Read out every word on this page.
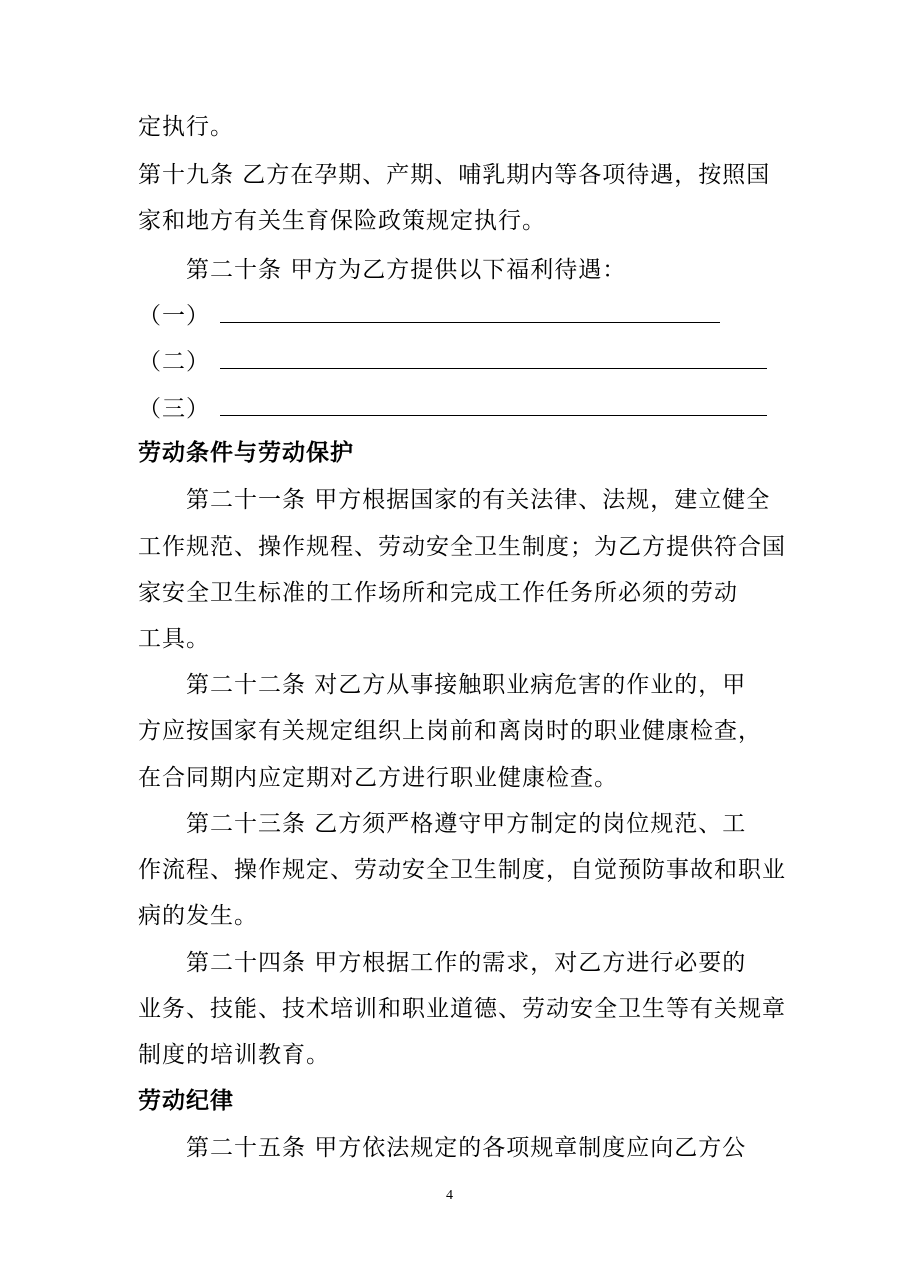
定执行。
第十九条 乙方在孕期、产期、哺乳期内等各项待遇，按照国
家和地方有关生育保险政策规定执行。
第二十条 甲方为乙方提供以下福利待遇：
（一）
（二）
（三）
劳动条件与劳动保护
第二十一条 甲方根据国家的有关法律、法规，建立健全
工作规范、操作规程、劳动安全卫生制度；为乙方提供符合国
家安全卫生标准的工作场所和完成工作任务所必须的劳动
工具。
第二十二条 对乙方从事接触职业病危害的作业的，甲
方应按国家有关规定组织上岗前和离岗时的职业健康检查，
在合同期内应定期对乙方进行职业健康检查。
第二十三条 乙方须严格遵守甲方制定的岗位规范、工
作流程、操作规定、劳动安全卫生制度，自觉预防事故和职业
病的发生。
第二十四条 甲方根据工作的需求，对乙方进行必要的
业务、技能、技术培训和职业道德、劳动安全卫生等有关规章
制度的培训教育。
劳动纪律
第二十五条 甲方依法规定的各项规章制度应向乙方公
4
